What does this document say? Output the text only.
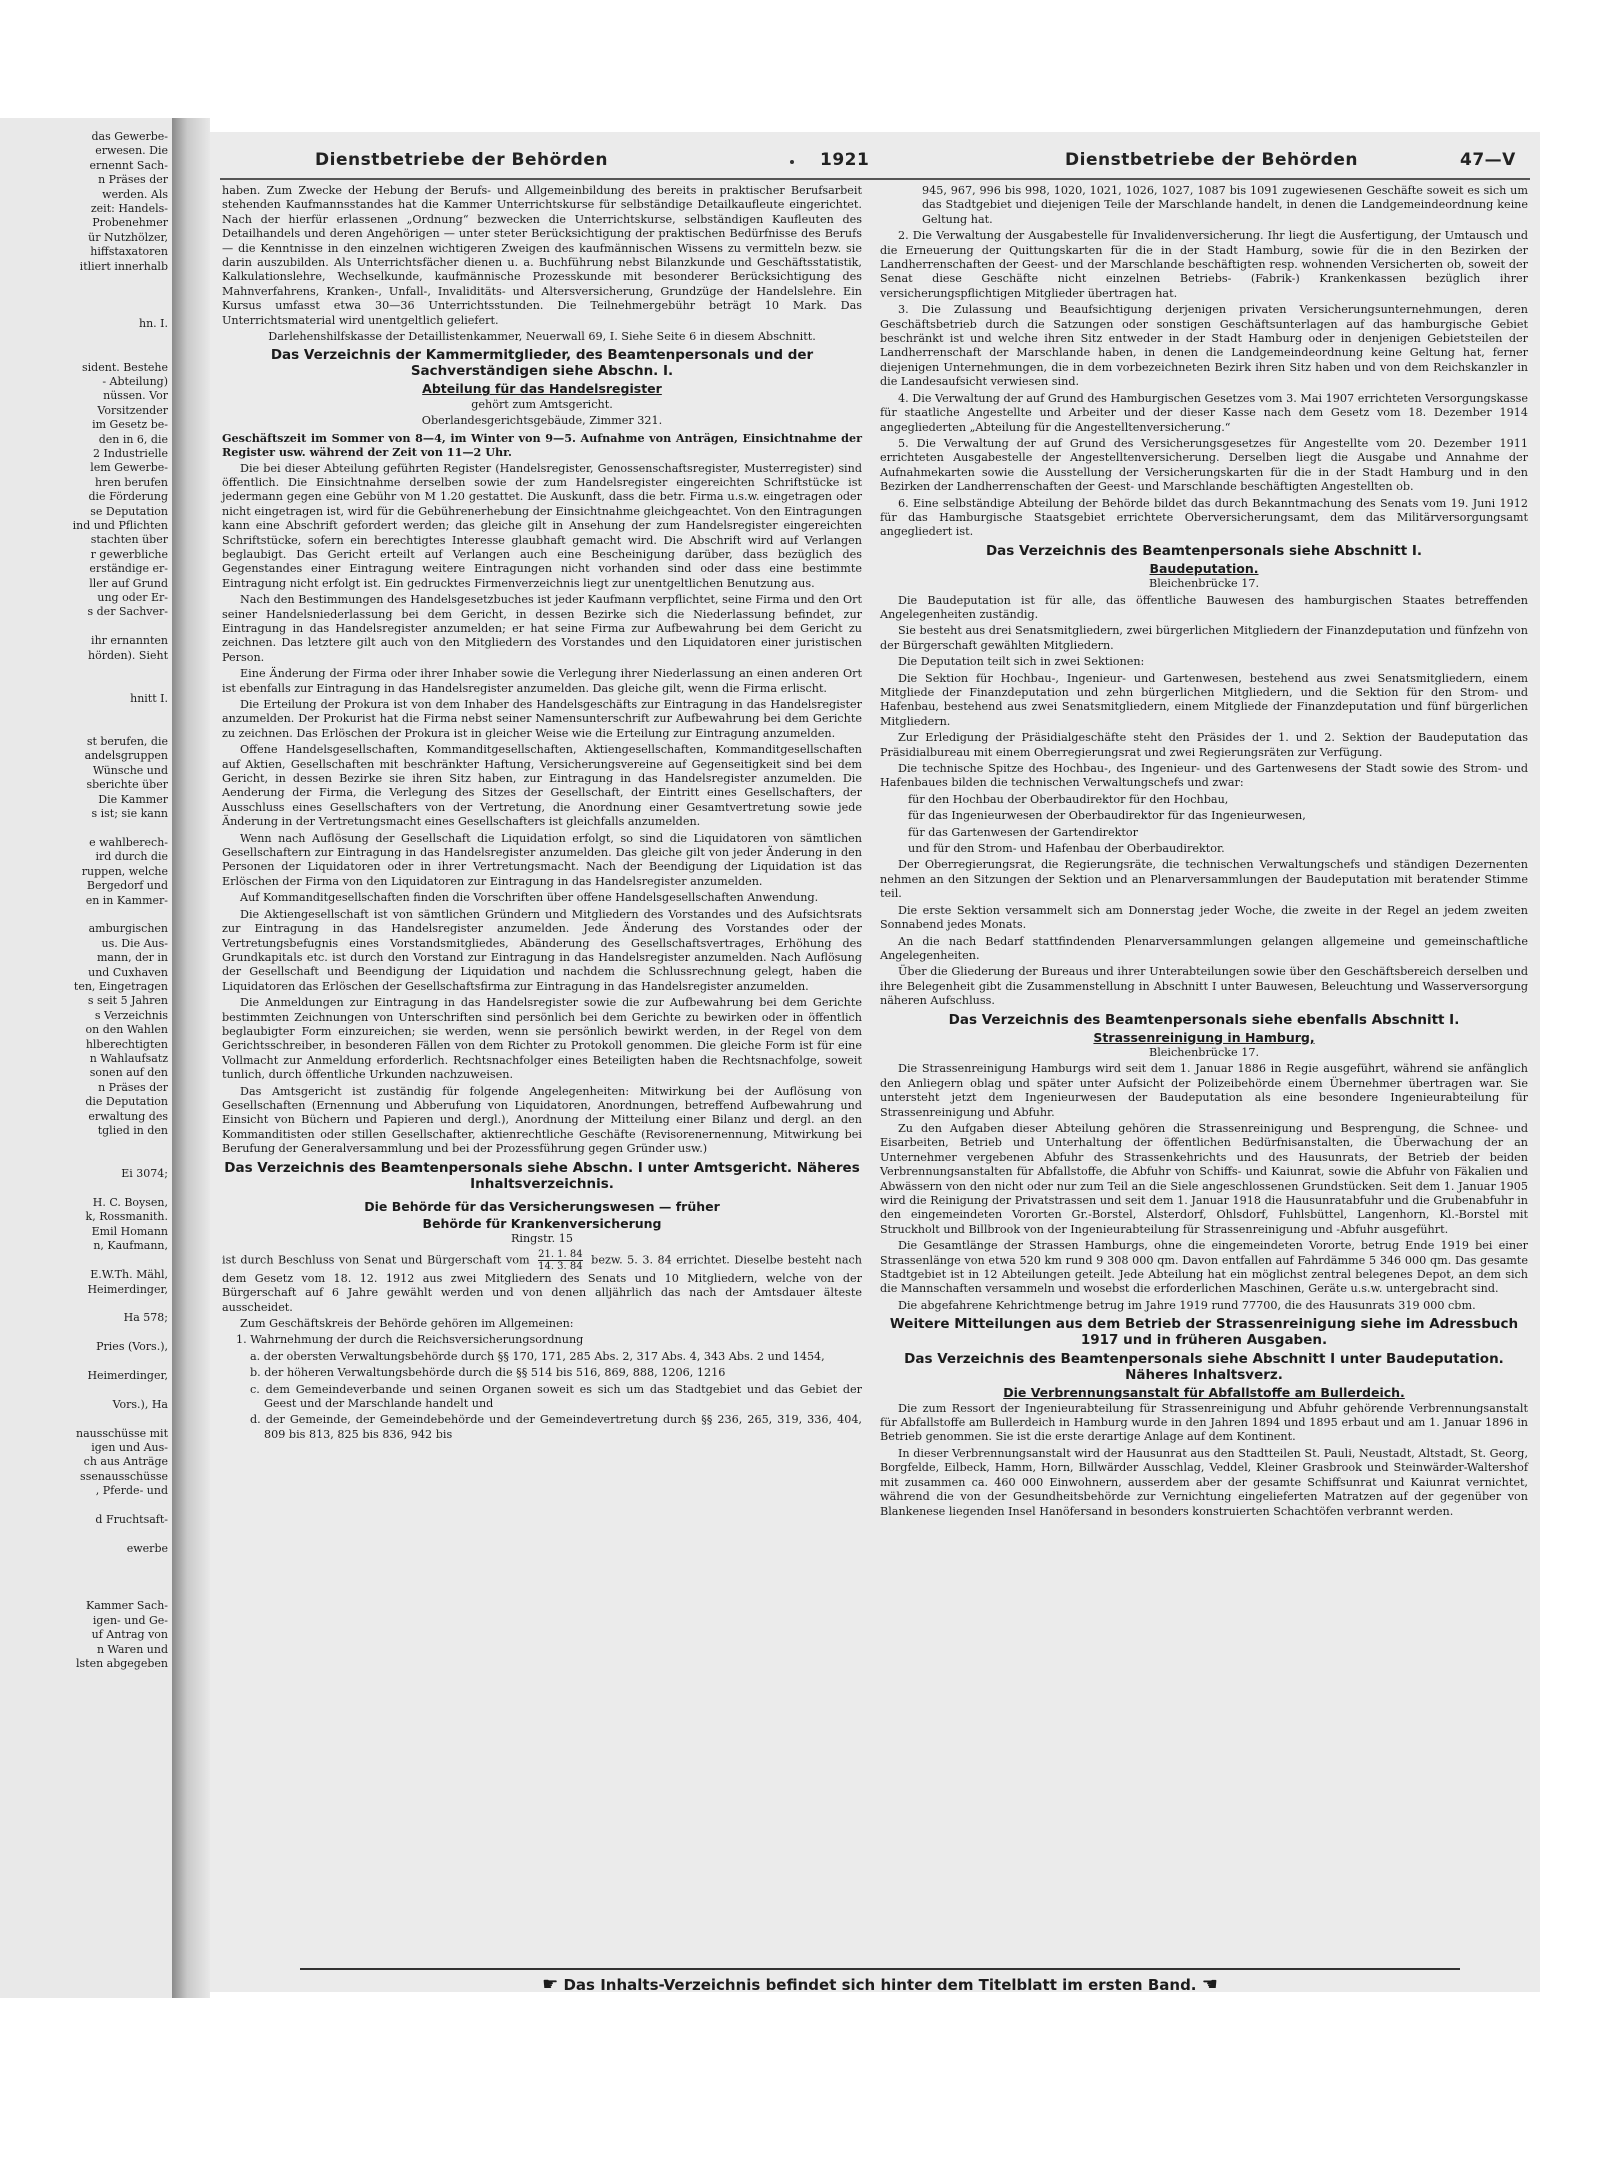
das Gewerbe-
erwesen. Die
ernennt Sach-
n Präses der
werden. Als
zeit: Handels-
Probenehmer
ür Nutzhölzer,
hiffstaxatoren
itliert innerhalb

hn. I.

sident. Bestehe
- Abteilung)
nüssen. Vor
Vorsitzender
im Gesetz be-
den in 6, die
2 Industrielle
lem Gewerbe-
hren berufen
die Förderung
se Deputation
ind und Pflichten
stachten über
r gewerbliche
erständige er-
ller auf Grund
ung oder Er-
s der Sachver-

ihr ernannten
hörden). Sieht

hnitt I.

st berufen, die
andelsgruppen
Wünsche und
sberichte über
Die Kammer
s ist; sie kann

e wahlberech-
ird durch die
ruppen, welche
Bergedorf und
en in Kammer-

amburgischen
us. Die Aus-
mann, der in
und Cuxhaven
ten, Eingetragen
s seit 5 Jahren
s Verzeichnis
on den Wahlen
hlberechtigten
n Wahlaufsatz
sonen auf den
n Präses der
die Deputation
erwaltung des
tglied in den

Ei 3074;

H. C. Boysen,
k, Rossmanith.
Emil Homann
n, Kaufmann,

E.W.Th. Mähl,
Heimerdinger,

Ha 578;

Pries (Vors.),

Heimerdinger,

Vors.), Ha

nausschüsse mit
igen und Aus-
ch aus Anträge
ssenausschüsse
, Pferde- und

d Fruchtsaft-

ewerbe

Kammer Sach-
igen- und Ge-
uf Antrag von
n Waren und
lsten abgegeben
Dienstbetriebe der Behörden	1921	Dienstbetriebe der Behörden	47—V

haben. Zum Zwecke der Hebung der Berufs- und Allgemeinbildung des bereits in praktischer Berufsarbeit stehenden Kaufmannsstandes hat die Kammer Unterrichtskurse für selbständige Detailkaufleute eingerichtet. Nach der hierfür erlassenen „Ordnung“ bezwecken die Unterrichtskurse, selbständigen Kaufleuten des Detailhandels und deren Angehörigen — unter steter Berücksichtigung der praktischen Bedürfnisse des Berufs — die Kenntnisse in den einzelnen wichtigeren Zweigen des kaufmännischen Wissens zu vermitteln bezw. sie darin auszubilden. Als Unterrichtsfächer dienen u. a. Buchführung nebst Bilanzkunde und Geschäftsstatistik, Kalkulationslehre, Wechselkunde, kaufmännische Prozesskunde mit besonderer Berücksichtigung des Mahnverfahrens, Kranken-, Unfall-, Invaliditäts- und Altersversicherung, Grundzüge der Handelslehre. Ein Kursus umfasst etwa 30—36 Unterrichtsstunden. Die Teilnehmergebühr beträgt 10 Mark. Das Unterrichtsmaterial wird unentgeltlich geliefert.

Darlehenshilfskasse der Detaillistenkammer, Neuerwall 69, I. Siehe Seite 6 in diesem Abschnitt.

Das Verzeichnis der Kammermitglieder, des Beamtenpersonals und der Sachverständigen siehe Abschn. I.
Abteilung für das Handelsregister

gehört zum Amtsgericht.

Oberlandesgerichtsgebäude, Zimmer 321.

Geschäftszeit im Sommer von 8—4, im Winter von 9—5. Aufnahme von Anträgen, Einsichtnahme der Register usw. während der Zeit von 11—2 Uhr.

Die bei dieser Abteilung geführten Register (Handelsregister, Genossenschaftsregister, Musterregister) sind öffentlich. Die Einsichtnahme derselben sowie der zum Handelsregister eingereichten Schriftstücke ist jedermann gegen eine Gebühr von M 1.20 gestattet. Die Auskunft, dass die betr. Firma u.s.w. eingetragen oder nicht eingetragen ist, wird für die Gebührenerhebung der Einsichtnahme gleichgeachtet. Von den Eintragungen kann eine Abschrift gefordert werden; das gleiche gilt in Ansehung der zum Handelsregister eingereichten Schriftstücke, sofern ein berechtigtes Interesse glaubhaft gemacht wird. Die Abschrift wird auf Verlangen beglaubigt. Das Gericht erteilt auf Verlangen auch eine Bescheinigung darüber, dass bezüglich des Gegenstandes einer Eintragung weitere Eintragungen nicht vorhanden sind oder dass eine bestimmte Eintragung nicht erfolgt ist. Ein gedrucktes Firmenverzeichnis liegt zur unentgeltlichen Benutzung aus.

Nach den Bestimmungen des Handelsgesetzbuches ist jeder Kaufmann verpflichtet, seine Firma und den Ort seiner Handelsniederlassung bei dem Gericht, in dessen Bezirke sich die Niederlassung befindet, zur Eintragung in das Handelsregister anzumelden; er hat seine Firma zur Aufbewahrung bei dem Gericht zu zeichnen. Das letztere gilt auch von den Mitgliedern des Vorstandes und den Liquidatoren einer juristischen Person.

Eine Änderung der Firma oder ihrer Inhaber sowie die Verlegung ihrer Niederlassung an einen anderen Ort ist ebenfalls zur Eintragung in das Handelsregister anzumelden. Das gleiche gilt, wenn die Firma erlischt.

Die Erteilung der Prokura ist von dem Inhaber des Handelsgeschäfts zur Eintragung in das Handelsregister anzumelden. Der Prokurist hat die Firma nebst seiner Namensunterschrift zur Aufbewahrung bei dem Gerichte zu zeichnen. Das Erlöschen der Prokura ist in gleicher Weise wie die Erteilung zur Eintragung anzumelden.

Offene Handelsgesellschaften, Kommanditgesellschaften, Aktiengesellschaften, Kommanditgesellschaften auf Aktien, Gesellschaften mit beschränkter Haftung, Versicherungsvereine auf Gegenseitigkeit sind bei dem Gericht, in dessen Bezirke sie ihren Sitz haben, zur Eintragung in das Handelsregister anzumelden. Die Aenderung der Firma, die Verlegung des Sitzes der Gesellschaft, der Eintritt eines Gesellschafters, der Ausschluss eines Gesellschafters von der Vertretung, die Anordnung einer Gesamtvertretung sowie jede Änderung in der Vertretungsmacht eines Gesellschafters ist gleichfalls anzumelden.

Wenn nach Auflösung der Gesellschaft die Liquidation erfolgt, so sind die Liquidatoren von sämtlichen Gesellschaftern zur Eintragung in das Handelsregister anzumelden. Das gleiche gilt von jeder Änderung in den Personen der Liquidatoren oder in ihrer Vertretungsmacht. Nach der Beendigung der Liquidation ist das Erlöschen der Firma von den Liquidatoren zur Eintragung in das Handelsregister anzumelden.

Auf Kommanditgesellschaften finden die Vorschriften über offene Handelsgesellschaften Anwendung.

Die Aktiengesellschaft ist von sämtlichen Gründern und Mitgliedern des Vorstandes und des Aufsichtsrats zur Eintragung in das Handelsregister anzumelden. Jede Änderung des Vorstandes oder der Vertretungsbefugnis eines Vorstandsmitgliedes, Abänderung des Gesellschaftsvertrages, Erhöhung des Grundkapitals etc. ist durch den Vorstand zur Eintragung in das Handelsregister anzumelden. Nach Auflösung der Gesellschaft und Beendigung der Liquidation und nachdem die Schlussrechnung gelegt, haben die Liquidatoren das Erlöschen der Gesellschaftsfirma zur Eintragung in das Handelsregister anzumelden.

Die Anmeldungen zur Eintragung in das Handelsregister sowie die zur Aufbewahrung bei dem Gerichte bestimmten Zeichnungen von Unterschriften sind persönlich bei dem Gerichte zu bewirken oder in öffentlich beglaubigter Form einzureichen; sie werden, wenn sie persönlich bewirkt werden, in der Regel von dem Gerichtsschreiber, in besonderen Fällen von dem Richter zu Protokoll genommen. Die gleiche Form ist für eine Vollmacht zur Anmeldung erforderlich. Rechtsnachfolger eines Beteiligten haben die Rechtsnachfolge, soweit tunlich, durch öffentliche Urkunden nachzuweisen.

Das Amtsgericht ist zuständig für folgende Angelegenheiten: Mitwirkung bei der Auflösung von Gesellschaften (Ernennung und Abberufung von Liquidatoren, Anordnungen, betreffend Aufbewahrung und Einsicht von Büchern und Papieren und dergl.), Anordnung der Mitteilung einer Bilanz und dergl. an den Kommanditisten oder stillen Gesellschafter, aktienrechtliche Geschäfte (Revisorenernennung, Mitwirkung bei Berufung der Generalversammlung und bei der Prozessführung gegen Gründer usw.)

Das Verzeichnis des Beamtenpersonals siehe Abschn. I unter Amtsgericht. Näheres Inhaltsverzeichnis.
Die Behörde für das Versicherungswesen — früher
Behörde für Krankenversicherung

Ringstr. 15

ist durch Beschluss von Senat und Bürgerschaft vom $\frac{21. 1. 84}{14. 3. 84}$ bezw. 5. 3. 84 errichtet. Dieselbe besteht nach dem Gesetz vom 18. 12. 1912 aus zwei Mitgliedern des Senats und 10 Mitgliedern, welche von der Bürgerschaft auf 6 Jahre gewählt werden und von denen alljährlich das nach der Amtsdauer älteste ausscheidet.

Zum Geschäftskreis der Behörde gehören im Allgemeinen:

1. Wahrnehmung der durch die Reichsversicherungsordnung

a. der obersten Verwaltungsbehörde durch §§ 170, 171, 285 Abs. 2, 317 Abs. 4, 343 Abs. 2 und 1454,

b. der höheren Verwaltungsbehörde durch die §§ 514 bis 516, 869, 888, 1206, 1216

c. dem Gemeindeverbande und seinen Organen soweit es sich um das Stadtgebiet und das Gebiet der Geest und der Marschlande handelt und

d. der Gemeinde, der Gemeindebehörde und der Gemeindevertretung durch §§ 236, 265, 319, 336, 404, 809 bis 813, 825 bis 836, 942 bis

945, 967, 996 bis 998, 1020, 1021, 1026, 1027, 1087 bis 1091 zugewiesenen Geschäfte soweit es sich um das Stadtgebiet und diejenigen Teile der Marschlande handelt, in denen die Landgemeindeordnung keine Geltung hat.

2. Die Verwaltung der Ausgabestelle für Invalidenversicherung. Ihr liegt die Ausfertigung, der Umtausch und die Erneuerung der Quittungskarten für die in der Stadt Hamburg, sowie für die in den Bezirken der Landherrenschaften der Geest- und der Marschlande beschäftigten resp. wohnenden Versicherten ob, soweit der Senat diese Geschäfte nicht einzelnen Betriebs- (Fabrik-) Krankenkassen bezüglich ihrer versicherungspflichtigen Mitglieder übertragen hat.

3. Die Zulassung und Beaufsichtigung derjenigen privaten Versicherungsunternehmungen, deren Geschäftsbetrieb durch die Satzungen oder sonstigen Geschäftsunterlagen auf das hamburgische Gebiet beschränkt ist und welche ihren Sitz entweder in der Stadt Hamburg oder in denjenigen Gebietsteilen der Landherrenschaft der Marschlande haben, in denen die Landgemeindeordnung keine Geltung hat, ferner diejenigen Unternehmungen, die in dem vorbezeichneten Bezirk ihren Sitz haben und von dem Reichskanzler in die Landesaufsicht verwiesen sind.

4. Die Verwaltung der auf Grund des Hamburgischen Gesetzes vom 3. Mai 1907 errichteten Versorgungskasse für staatliche Angestellte und Arbeiter und der dieser Kasse nach dem Gesetz vom 18. Dezember 1914 angegliederten „Abteilung für die Angestelltenversicherung.“

5. Die Verwaltung der auf Grund des Versicherungsgesetzes für Angestellte vom 20. Dezember 1911 errichteten Ausgabestelle der Angestelltenversicherung. Derselben liegt die Ausgabe und Annahme der Aufnahmekarten sowie die Ausstellung der Versicherungskarten für die in der Stadt Hamburg und in den Bezirken der Landherrenschaften der Geest- und Marschlande beschäftigten Angestellten ob.

6. Eine selbständige Abteilung der Behörde bildet das durch Bekanntmachung des Senats vom 19. Juni 1912 für das Hamburgische Staatsgebiet errichtete Oberversicherungsamt, dem das Militärversorgungsamt angegliedert ist.

Das Verzeichnis des Beamtenpersonals siehe Abschnitt I.
Baudeputation.

Bleichenbrücke 17.

Die Baudeputation ist für alle, das öffentliche Bauwesen des hamburgischen Staates betreffenden Angelegenheiten zuständig.

Sie besteht aus drei Senatsmitgliedern, zwei bürgerlichen Mitgliedern der Finanzdeputation und fünfzehn von der Bürgerschaft gewählten Mitgliedern.

Die Deputation teilt sich in zwei Sektionen:

Die Sektion für Hochbau-, Ingenieur- und Gartenwesen, bestehend aus zwei Senatsmitgliedern, einem Mitgliede der Finanzdeputation und zehn bürgerlichen Mitgliedern, und die Sektion für den Strom- und Hafenbau, bestehend aus zwei Senatsmitgliedern, einem Mitgliede der Finanzdeputation und fünf bürgerlichen Mitgliedern.

Zur Erledigung der Präsidialgeschäfte steht den Präsides der 1. und 2. Sektion der Baudeputation das Präsidialbureau mit einem Oberregierungsrat und zwei Regierungsräten zur Verfügung.

Die technische Spitze des Hochbau-, des Ingenieur- und des Gartenwesens der Stadt sowie des Strom- und Hafenbaues bilden die technischen Verwaltungschefs und zwar:

für den Hochbau der Oberbaudirektor für den Hochbau,

für das Ingenieurwesen der Oberbaudirektor für das Ingenieurwesen,

für das Gartenwesen der Gartendirektor

und für den Strom- und Hafenbau der Oberbaudirektor.

Der Oberregierungsrat, die Regierungsräte, die technischen Verwaltungschefs und ständigen Dezernenten nehmen an den Sitzungen der Sektion und an Plenarversammlungen der Baudeputation mit beratender Stimme teil.

Die erste Sektion versammelt sich am Donnerstag jeder Woche, die zweite in der Regel an jedem zweiten Sonnabend jedes Monats.

An die nach Bedarf stattfindenden Plenarversammlungen gelangen allgemeine und gemeinschaftliche Angelegenheiten.

Über die Gliederung der Bureaus und ihrer Unterabteilungen sowie über den Geschäftsbereich derselben und ihre Belegenheit gibt die Zusammenstellung in Abschnitt I unter Bauwesen, Beleuchtung und Wasserversorgung näheren Aufschluss.

Das Verzeichnis des Beamtenpersonals siehe ebenfalls Abschnitt I.
Strassenreinigung in Hamburg,

Bleichenbrücke 17.

Die Strassenreinigung Hamburgs wird seit dem 1. Januar 1886 in Regie ausgeführt, während sie anfänglich den Anliegern oblag und später unter Aufsicht der Polizeibehörde einem Übernehmer übertragen war. Sie untersteht jetzt dem Ingenieurwesen der Baudeputation als eine besondere Ingenieurabteilung für Strassenreinigung und Abfuhr.

Zu den Aufgaben dieser Abteilung gehören die Strassenreinigung und Besprengung, die Schnee- und Eisarbeiten, Betrieb und Unterhaltung der öffentlichen Bedürfnisanstalten, die Überwachung der an Unternehmer vergebenen Abfuhr des Strassenkehrichts und des Hausunrats, der Betrieb der beiden Verbrennungsanstalten für Abfallstoffe, die Abfuhr von Schiffs- und Kaiunrat, sowie die Abfuhr von Fäkalien und Abwässern von den nicht oder nur zum Teil an die Siele angeschlossenen Grundstücken. Seit dem 1. Januar 1905 wird die Reinigung der Privatstrassen und seit dem 1. Januar 1918 die Hausunratabfuhr und die Grubenabfuhr in den eingemeindeten Vororten Gr.-Borstel, Alsterdorf, Ohlsdorf, Fuhlsbüttel, Langenhorn, Kl.-Borstel mit Struckholt und Billbrook von der Ingenieurabteilung für Strassenreinigung und -Abfuhr ausgeführt.

Die Gesamtlänge der Strassen Hamburgs, ohne die eingemeindeten Vororte, betrug Ende 1919 bei einer Strassenlänge von etwa 520 km rund 9 308 000 qm. Davon entfallen auf Fahrdämme 5 346 000 qm. Das gesamte Stadtgebiet ist in 12 Abteilungen geteilt. Jede Abteilung hat ein möglichst zentral belegenes Depot, an dem sich die Mannschaften versammeln und wosebst die erforderlichen Maschinen, Geräte u.s.w. untergebracht sind.

Die abgefahrene Kehrichtmenge betrug im Jahre 1919 rund 77700, die des Hausunrats 319 000 cbm.

Weitere Mitteilungen aus dem Betrieb der Strassenreinigung siehe im Adressbuch 1917 und in früheren Ausgaben.
Das Verzeichnis des Beamtenpersonals siehe Abschnitt I unter Baudeputation. Näheres Inhaltsverz.
Die Verbrennungsanstalt für Abfallstoffe am Bullerdeich.

Die zum Ressort der Ingenieurabteilung für Strassenreinigung und Abfuhr gehörende Verbrennungsanstalt für Abfallstoffe am Bullerdeich in Hamburg wurde in den Jahren 1894 und 1895 erbaut und am 1. Januar 1896 in Betrieb genommen. Sie ist die erste derartige Anlage auf dem Kontinent.

In dieser Verbrennungsanstalt wird der Hausunrat aus den Stadtteilen St. Pauli, Neustadt, Altstadt, St. Georg, Borgfelde, Eilbeck, Hamm, Horn, Billwärder Ausschlag, Veddel, Kleiner Grasbrook und Steinwärder-Waltershof mit zusammen ca. 460 000 Einwohnern, ausserdem aber der gesamte Schiffsunrat und Kaiunrat vernichtet, während die von der Gesundheitsbehörde zur Vernichtung eingelieferten Matratzen auf der gegenüber von Blankenese liegenden Insel Hanöfersand in besonders konstruierten Schachtöfen verbrannt werden.

☛ Das Inhalts-Verzeichnis befindet sich hinter dem Titelblatt im ersten Band. ☚
